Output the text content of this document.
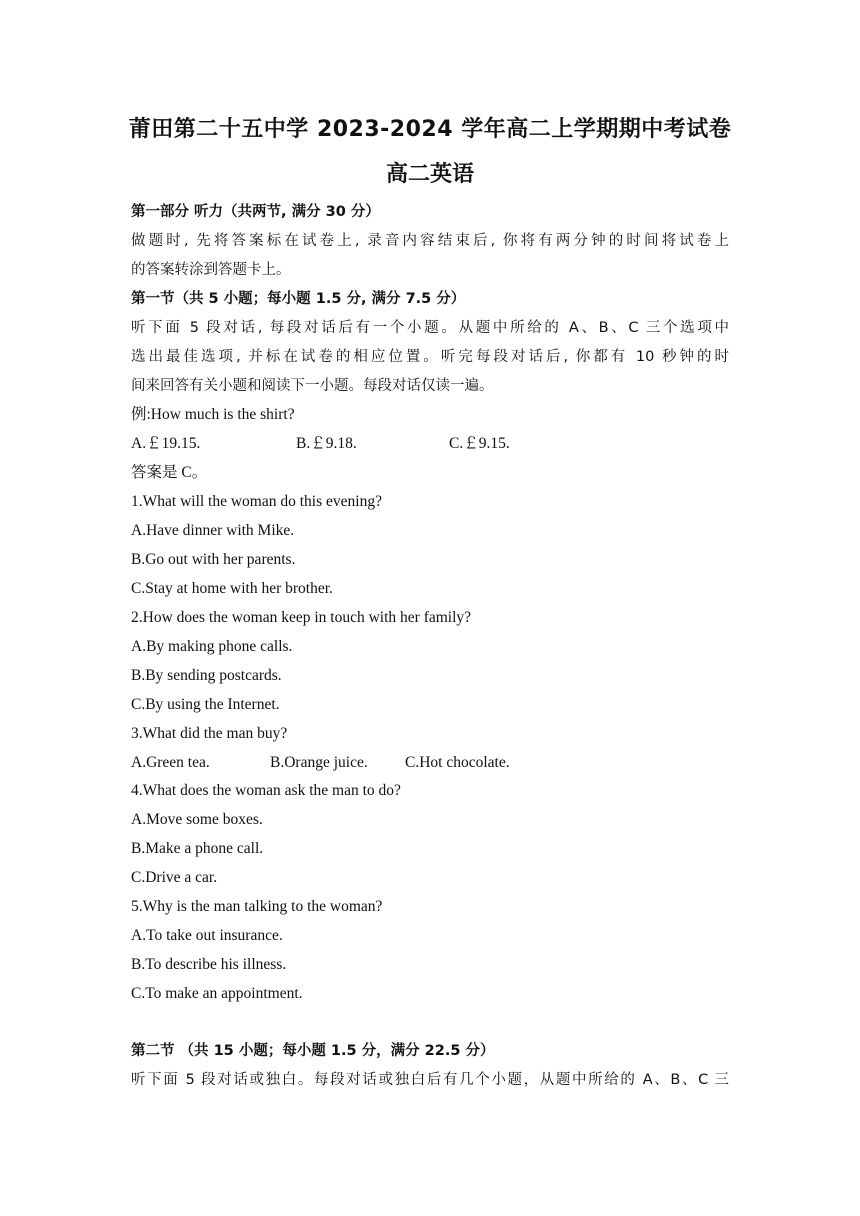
莆田第二十五中学 2023-2024 学年高二上学期期中考试卷
高二英语
第一部分 听力（共两节, 满分 30 分）
做题时, 先将答案标在试卷上, 录音内容结束后, 你将有两分钟的时间将试卷上
的答案转涂到答题卡上。
第一节（共 5 小题；每小题 1.5 分, 满分 7.5 分）
听下面 5 段对话, 每段对话后有一个小题。从题中所给的 A、B、C 三个选项中
选出最佳选项, 并标在试卷的相应位置。听完每段对话后, 你都有 10 秒钟的时
间来回答有关小题和阅读下一小题。每段对话仅读一遍。
例:How much is the shirt?
A.￡19.15.	B.￡9.18.	C.￡9.15.
答案是 C。
1.What will the woman do this evening?
A.Have dinner with Mike.
B.Go out with her parents.
C.Stay at home with her brother.
2.How does the woman keep in touch with her family?
A.By making phone calls.
B.By sending postcards.
C.By using the Internet.
3.What did the man buy?
A.Green tea.	B.Orange juice. C.Hot chocolate.
4.What does the woman ask the man to do?
A.Move some boxes.
B.Make a phone call.
C.Drive a car.
5.Why is the man talking to the woman?
A.To take out insurance.
B.To describe his illness.
C.To make an appointment.
第二节 （共 15 小题；每小题 1.5 分，满分 22.5 分）
听下面 5 段对话或独白。每段对话或独白后有几个小题，从题中所给的 A、B、C 三
